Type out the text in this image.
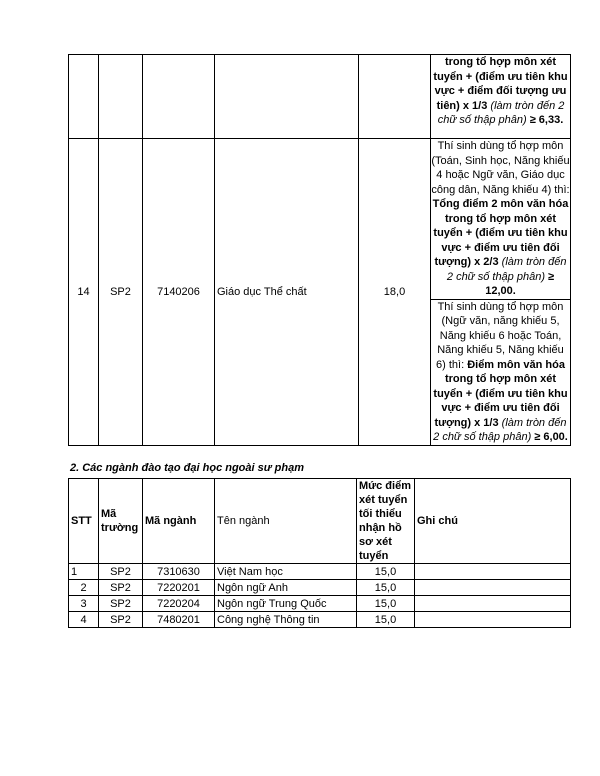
					trong tổ hợp môn xét tuyển + (điểm ưu tiên khu vực + điểm đối tượng ưu tiên) x 1/3 (làm tròn đến 2 chữ số thập phân) ≥ 6,33.
14	SP2	7140206	Giáo dục Thể chất	18,0	Thí sinh dùng tổ hợp môn (Toán, Sinh học, Năng khiếu 4 hoặc Ngữ văn, Giáo dục công dân, Năng khiếu 4) thì: Tổng điểm 2 môn văn hóa trong tổ hợp môn xét tuyển + (điểm ưu tiên khu vực + điểm ưu tiên đối tượng) x 2/3 (làm tròn đến 2 chữ số thập phân) ≥ 12,00.
					Thí sinh dùng tổ hợp môn (Ngữ văn, năng khiếu 5, Năng khiếu 6 hoặc Toán, Năng khiếu 5, Năng khiếu 6) thì: Điểm môn văn hóa trong tổ hợp môn xét tuyển + (điểm ưu tiên khu vực + điểm ưu tiên đối tượng) x 1/3 (làm tròn đến 2 chữ số thập phân) ≥ 6,00.
2. Các ngành đào tạo đại học ngoài sư phạm
STT	Mã trường	Mã ngành	Tên ngành	Mức điểm xét tuyển tối thiểu nhận hồ sơ xét tuyển	Ghi chú
1	SP2	7310630	Việt Nam học	15,0	
2	SP2	7220201	Ngôn ngữ Anh	15,0	
3	SP2	7220204	Ngôn ngữ Trung Quốc	15,0	
4	SP2	7480201	Công nghệ Thông tin	15,0	
